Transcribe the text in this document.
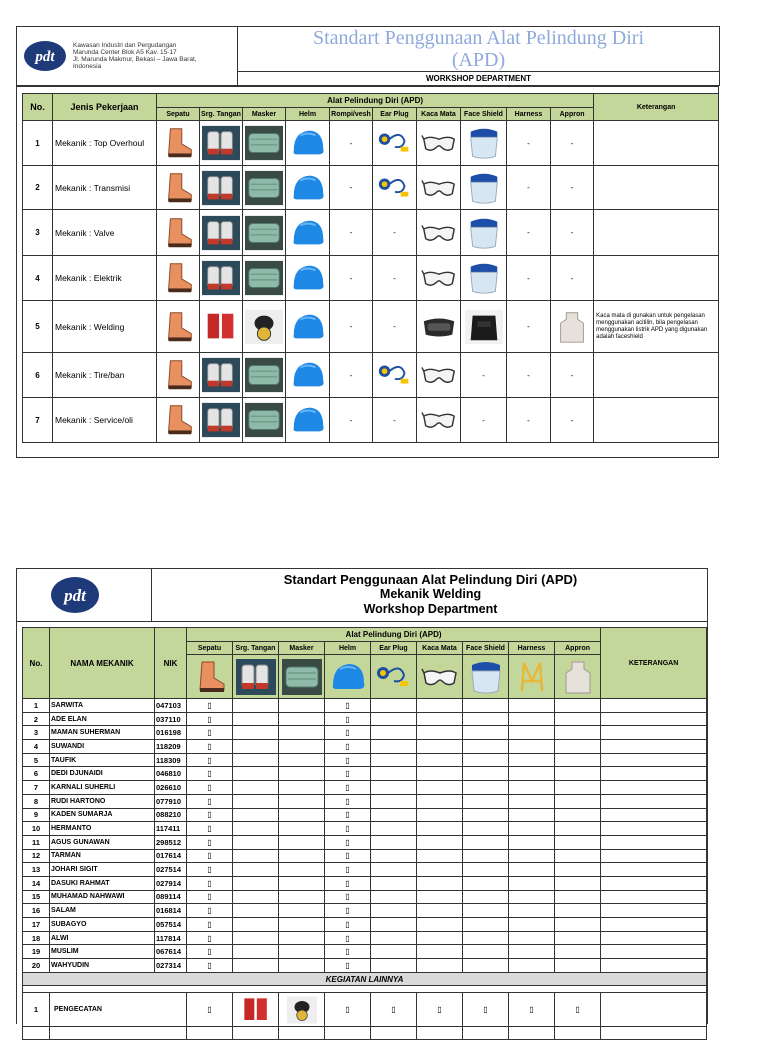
pdt
Kawasan Industri dan Pergudangan
Marunda Center Blok A5 Kav. 15-17
Jl. Marunda Makmur, Bekasi – Jawa Barat,
Indonesia

Standart Penggunaan Alat Pelindung Diri
(APD)

WORKSHOP DEPARTMENT
No.	Jenis Pekerjaan	Alat Pelindung Diri (APD)										Keterangan
		Sepatu	Srg. Tangan	Masker	Helm	Rompi/vesh	Ear Plug	Kaca Mata	Face Shield	Harness	Appron	
1	Mekanik : Top Overhoul					-				-	-	
2	Mekanik : Transmisi					-				-	-	
3	Mekanik : Valve					-	-			-	-	
4	Mekanik : Elektrik					-	-			-	-	
5	Mekanik : Welding					-	-			-		Kaca mata di gunakan untuk pengelasan menggunakan acitilin, bila pengelasan menggunakan listrik APD yang digunakan adalah faceshield
6	Mekanik : Tire/ban					-			-	-	-	
7	Mekanik : Service/oli					-	-		-	-	-	
pdt
Standart Penggunaan Alat Pelindung Diri (APD)
Mekanik Welding
Workshop Department
No.	NAMA MEKANIK	NIK	Alat Pelindung Diri (APD)									KETERANGAN
			Sepatu	Srg. Tangan	Masker	Helm	Ear Plug	Kaca Mata	Face Shield	Harness	Appron	

1	SARWITA	047103	▯			▯						
2	ADE ELAN	037110	▯			▯						
3	MAMAN SUHERMAN	016198	▯			▯						
4	SUWANDI	118209	▯			▯						
5	TAUFIK	118309	▯			▯						
6	DEDI DJUNAIDI	046810	▯			▯						
7	KARNALI SUHERLI	026610	▯			▯						
8	RUDI HARTONO	077910	▯			▯						
9	KADEN SUMARJA	088210	▯			▯						
10	HERMANTO	117411	▯			▯						
11	AGUS GUNAWAN	298512	▯			▯						
12	TARMAN	017614	▯			▯						
13	JOHARI SIGIT	027514	▯			▯						
14	DASUKI RAHMAT	027914	▯			▯						
15	MUHAMAD NAHWAWI	089114	▯			▯						
16	SALAM	016814	▯			▯						
17	SUBAGYO	057514	▯			▯						
18	ALWI	117814	▯			▯						
19	MUSLIM	067614	▯			▯						
20	WAHYUDIN	027314	▯			▯						
KEGIATAN LAINNYA												

1	PENGECATAN		▯			▯	▯	▯	▯	▯	▯	
